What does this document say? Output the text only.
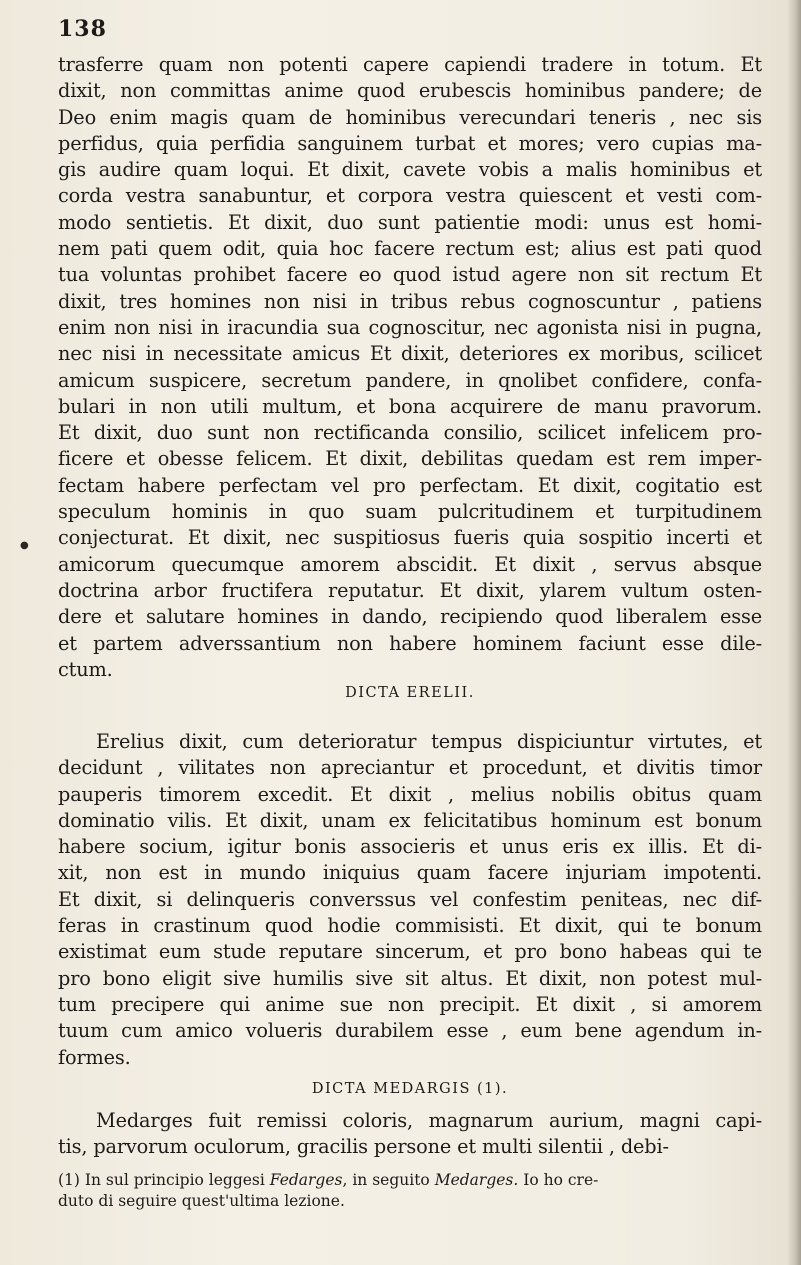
138
trasferre quam non potenti capere capiendi tradere in totum. Et
dixit, non committas anime quod erubescis hominibus pandere; de
Deo enim magis quam de hominibus verecundari teneris , nec sis
perfidus, quia perfidia sanguinem turbat et mores; vero cupias ma-
gis audire quam loqui. Et dixit, cavete vobis a malis hominibus et
corda vestra sanabuntur, et corpora vestra quiescent et vesti com-
modo sentietis. Et dixit, duo sunt patientie modi: unus est homi-
nem pati quem odit, quia hoc facere rectum est; alius est pati quod
tua voluntas prohibet facere eo quod istud agere non sit rectum Et
dixit, tres homines non nisi in tribus rebus cognoscuntur , patiens
enim non nisi in iracundia sua cognoscitur, nec agonista nisi in pugna,
nec nisi in necessitate amicus Et dixit, deteriores ex moribus, scilicet
amicum suspicere, secretum pandere, in qnolibet confidere, confa-
bulari in non utili multum, et bona acquirere de manu pravorum.
Et dixit, duo sunt non rectificanda consilio, scilicet infelicem pro-
ficere et obesse felicem. Et dixit, debilitas quedam est rem imper-
fectam habere perfectam vel pro perfectam. Et dixit, cogitatio est
speculum hominis in quo suam pulcritudinem et turpitudinem
conjecturat. Et dixit, nec suspitiosus fueris quia sospitio incerti et
amicorum quecumque amorem abscidit. Et dixit , servus absque
doctrina arbor fructifera reputatur. Et dixit, ylarem vultum osten-
dere et salutare homines in dando, recipiendo quod liberalem esse
et partem adverssantium non habere hominem faciunt esse dile-
ctum.
DICTA ERELII.
Erelius dixit, cum deterioratur tempus dispiciuntur virtutes, et
decidunt , vilitates non apreciantur et procedunt, et divitis timor
pauperis timorem excedit. Et dixit , melius nobilis obitus quam
dominatio vilis. Et dixit, unam ex felicitatibus hominum est bonum
habere socium, igitur bonis associeris et unus eris ex illis. Et di-
xit, non est in mundo iniquius quam facere injuriam impotenti.
Et dixit, si delinqueris converssus vel confestim peniteas, nec dif-
feras in crastinum quod hodie commisisti. Et dixit, qui te bonum
existimat eum stude reputare sincerum, et pro bono habeas qui te
pro bono eligit sive humilis sive sit altus. Et dixit, non potest mul-
tum precipere qui anime sue non precipit. Et dixit , si amorem
tuum cum amico volueris durabilem esse , eum bene agendum in-
formes.
DICTA MEDARGIS (1).
Medarges fuit remissi coloris, magnarum aurium, magni capi-
tis, parvorum oculorum, gracilis persone et multi silentii , debi-
(1) In sul principio leggesi Fedarges, in seguito Medarges. Io ho cre-
duto di seguire quest'ultima lezione.
●
